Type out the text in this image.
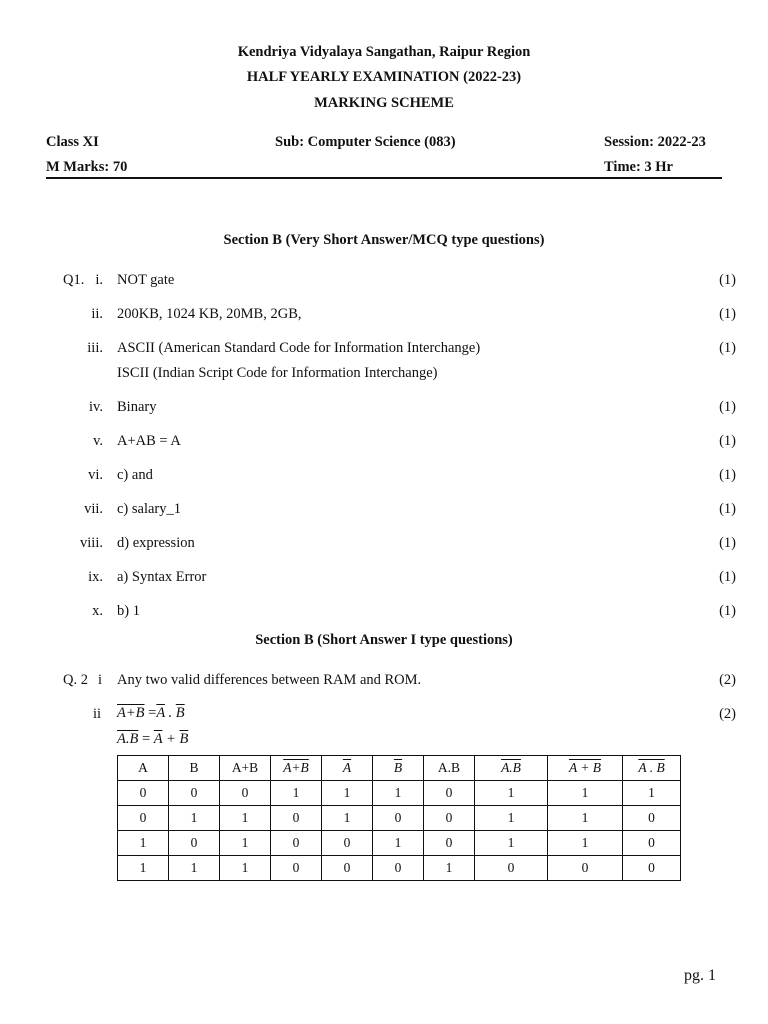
Kendriya Vidyalaya Sangathan, Raipur Region
HALF YEARLY EXAMINATION (2022-23)
MARKING SCHEME
Class XI	Sub: Computer Science (083)	Session: 2022-23
M Marks: 70	Time: 3 Hr
Section B (Very Short Answer/MCQ type questions)
Q1. i. NOT gate	(1)
ii. 200KB, 1024 KB, 20MB, 2GB,	(1)
iii. ASCII (American Standard Code for Information Interchange)
ISCII (Indian Script Code for Information Interchange)
(1)
iv. Binary	(1)
v. A+AB = A	(1)
vi. c) and	(1)
vii. c) salary_1	(1)
viii. d) expression	(1)
ix. a) Syntax Error	(1)
x. b) 1	(1)
Section B (Short Answer I type questions)
Q. 2 i Any two valid differences between RAM and ROM.	(2)
ii	(2)
$A+B =\overline{A}$ . $\overline{B}$
$A.B = \overline{A} + \overline{B}$
A	B	A+B	A+B	$\overline{A}$	$\overline{B}$	A.B	A.B	A + B	A . B
0	0	0	1	1	1	0	1	1	1
0	1	1	0	1	0	0	1	1	0
1	0	1	0	0	1	0	1	1	0
1	1	1	0	0	0	1	0	0	0
pg. 1
